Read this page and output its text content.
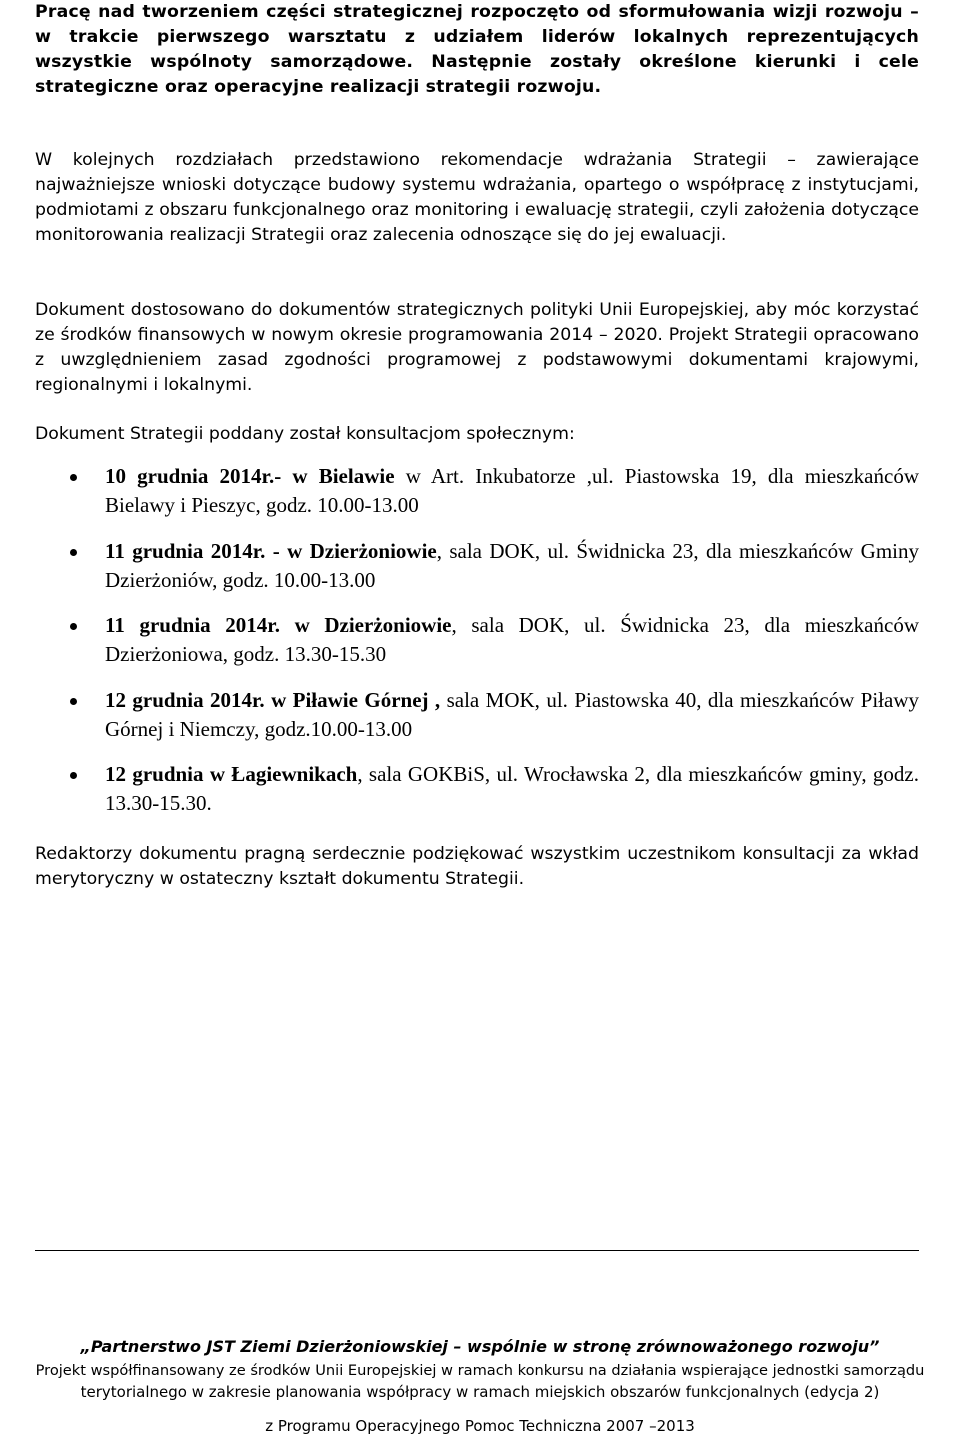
Pracę nad tworzeniem części strategicznej rozpoczęto od sformułowania wizji rozwoju – w trakcie pierwszego warsztatu z udziałem liderów lokalnych reprezentujących wszystkie wspólnoty samorządowe. Następnie zostały określone kierunki i cele strategiczne oraz operacyjne realizacji strategii rozwoju.

W kolejnych rozdziałach przedstawiono rekomendacje wdrażania Strategii – zawierające najważniejsze wnioski dotyczące budowy systemu wdrażania, opartego o współpracę z instytucjami, podmiotami z obszaru funkcjonalnego oraz monitoring i ewaluację strategii, czyli założenia dotyczące monitorowania realizacji Strategii oraz zalecenia odnoszące się do jej ewaluacji.

Dokument dostosowano do dokumentów strategicznych polityki Unii Europejskiej, aby móc korzystać ze środków finansowych w nowym okresie programowania 2014 – 2020. Projekt Strategii opracowano z uwzględnieniem zasad zgodności programowej z podstawowymi dokumentami krajowymi, regionalnymi i lokalnymi.

Dokument Strategii poddany został konsultacjom społecznym:

10 grudnia 2014r.- w Bielawie w Art. Inkubatorze ,ul. Piastowska 19, dla mieszkańców Bielawy i Pieszyc, godz. 10.00-13.00
11 grudnia 2014r. - w Dzierżoniowie, sala DOK, ul. Świdnicka 23, dla mieszkańców Gminy Dzierżoniów, godz. 10.00-13.00
11 grudnia 2014r. w Dzierżoniowie, sala DOK, ul. Świdnicka 23, dla mieszkańców Dzierżoniowa, godz. 13.30-15.30
12 grudnia 2014r. w Piławie Górnej , sala MOK, ul. Piastowska 40, dla mieszkańców Piławy Górnej i Niemczy, godz.10.00-13.00
12 grudnia w Łagiewnikach, sala GOKBiS, ul. Wrocławska 2, dla mieszkańców gminy, godz. 13.30-15.30.

Redaktorzy dokumentu pragną serdecznie podziękować wszystkim uczestnikom konsultacji za wkład merytoryczny w ostateczny kształt dokumentu Strategii.

„Partnerstwo JST Ziemi Dzierżoniowskiej – wspólnie w stronę zrównoważonego rozwoju”
Projekt współfinansowany ze środków Unii Europejskiej w ramach konkursu na działania wspierające jednostki samorządu
terytorialnego w zakresie planowania współpracy w ramach miejskich obszarów funkcjonalnych (edycja 2)
z Programu Operacyjnego Pomoc Techniczna 2007 –2013
